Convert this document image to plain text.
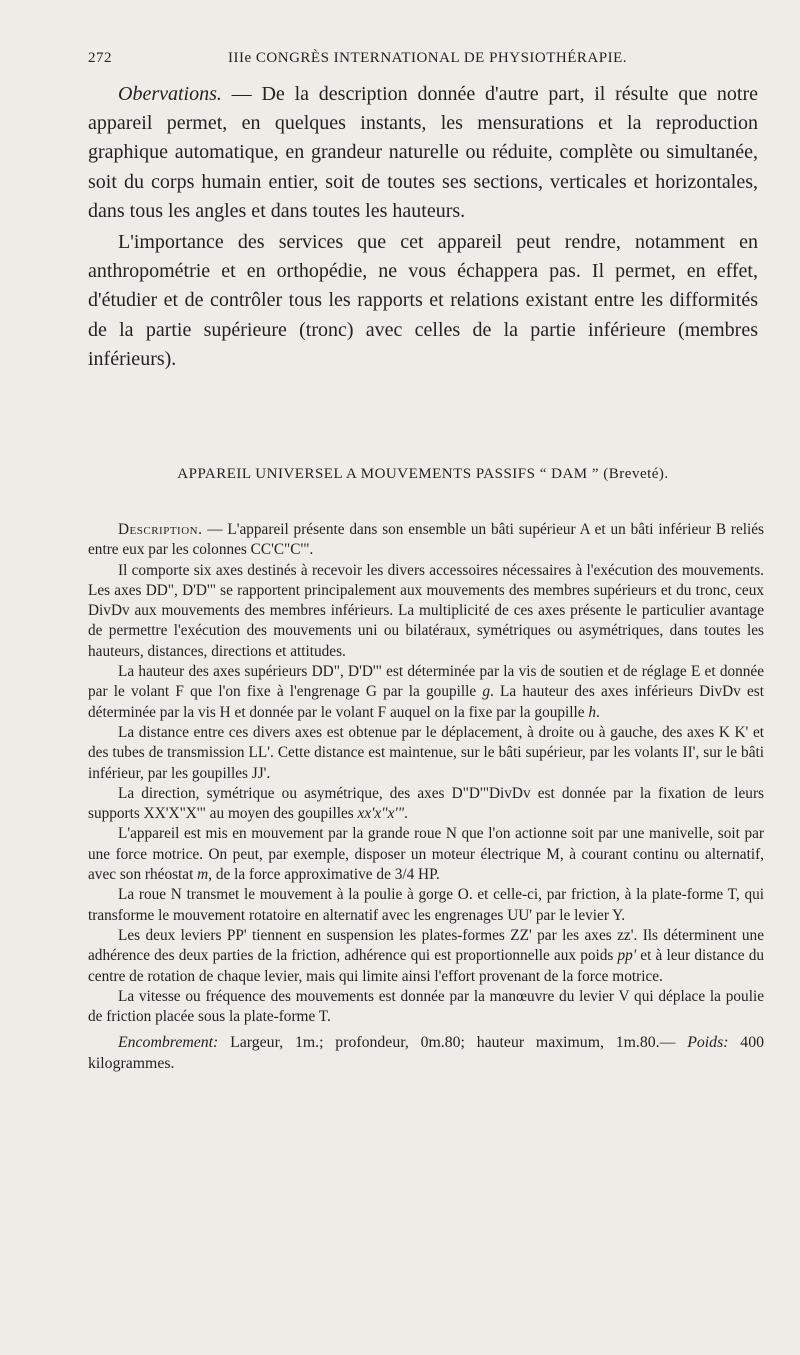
272	IIIe CONGRÈS INTERNATIONAL DE PHYSIOTHÉRAPIE.

Obervations. — De la description donnée d'autre part, il résulte que notre appareil permet, en quelques instants, les mensurations et la reproduction graphique automatique, en grandeur naturelle ou réduite, complète ou simultanée, soit du corps humain entier, soit de toutes ses sections, verticales et horizontales, dans tous les angles et dans toutes les hauteurs.

L'importance des services que cet appareil peut rendre, notamment en anthropométrie et en orthopédie, ne vous échappera pas. Il permet, en effet, d'étudier et de contrôler tous les rapports et relations existant entre les difformités de la partie supérieure (tronc) avec celles de la partie inférieure (membres inférieurs).

APPAREIL UNIVERSEL A MOUVEMENTS PASSIFS “ DAM ” (Breveté).

Description. — L'appareil présente dans son ensemble un bâti supérieur A et un bâti inférieur B reliés entre eux par les colonnes CC'C"C'".

Il comporte six axes destinés à recevoir les divers accessoires nécessaires à l'exécution des mouvements. Les axes DD", D'D'" se rapportent principalement aux mouvements des membres supérieurs et du tronc, ceux DivDv aux mouvements des membres inférieurs. La multiplicité de ces axes présente le particulier avantage de permettre l'exécution des mouvements uni ou bilatéraux, symétriques ou asymétriques, dans toutes les hauteurs, distances, directions et attitudes.

La hauteur des axes supérieurs DD", D'D'" est déterminée par la vis de soutien et de réglage E et donnée par le volant F que l'on fixe à l'engrenage G par la goupille g. La hauteur des axes inférieurs DivDv est déterminée par la vis H et donnée par le volant F auquel on la fixe par la goupille h.

La distance entre ces divers axes est obtenue par le déplacement, à droite ou à gauche, des axes K K' et des tubes de transmission LL'. Cette distance est maintenue, sur le bâti supérieur, par les volants II', sur le bâti inférieur, par les goupilles JJ'.

La direction, symétrique ou asymétrique, des axes D"D'"DivDv est donnée par la fixation de leurs supports XX'X"X'" au moyen des goupilles xx'x"x'".

L'appareil est mis en mouvement par la grande roue N que l'on actionne soit par une manivelle, soit par une force motrice. On peut, par exemple, disposer un moteur électrique M, à courant continu ou alternatif, avec son rhéostat m, de la force approximative de 3/4 HP.

La roue N transmet le mouvement à la poulie à gorge O. et celle-ci, par friction, à la plate-forme T, qui transforme le mouvement rotatoire en alternatif avec les engrenages UU' par le levier Y.

Les deux leviers PP' tiennent en suspension les plates-formes ZZ' par les axes zz'. Ils déterminent une adhérence des deux parties de la friction, adhérence qui est proportionnelle aux poids pp' et à leur distance du centre de rotation de chaque levier, mais qui limite ainsi l'effort provenant de la force motrice.

La vitesse ou fréquence des mouvements est donnée par la manœuvre du levier V qui déplace la poulie de friction placée sous la plate-forme T.

Encombrement: Largeur, 1m.; profondeur, 0m.80; hauteur maximum, 1m.80.— Poids: 400 kilogrammes.
